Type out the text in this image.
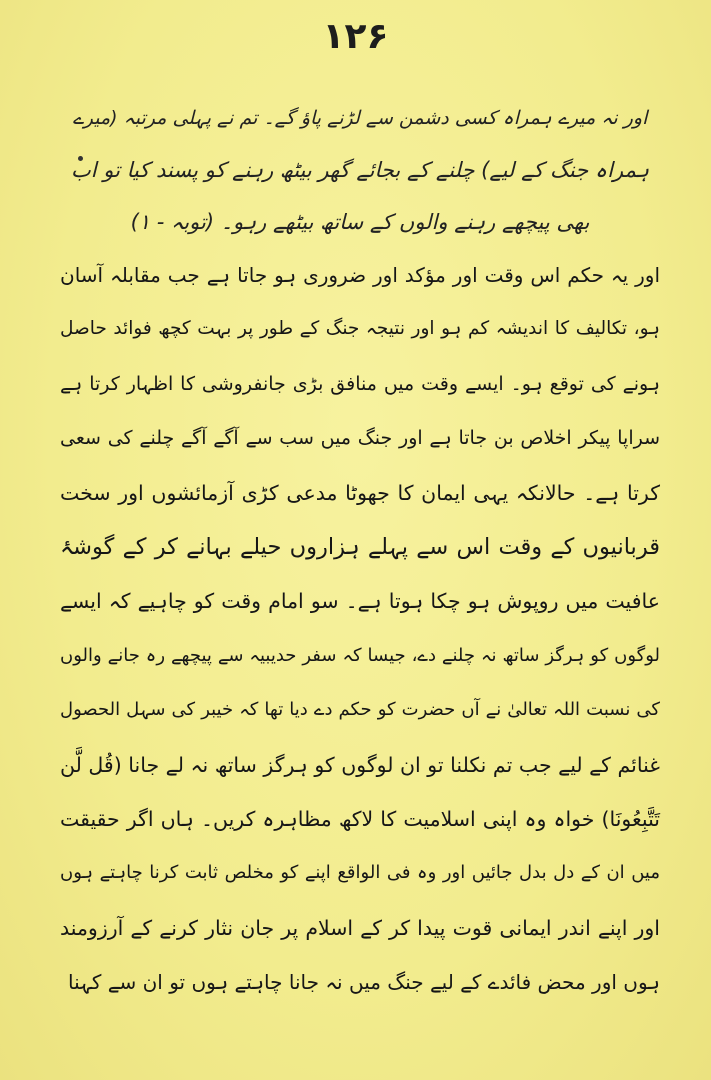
۱۲۶
اور نہ میرے ہمراہ کسی دشمن سے لڑنے پاؤ گے۔ تم نے پہلی مرتبہ (میرے
ہمراہ جنگ کے لیے) چلنے کے بجائے گھر بیٹھ رہنے کو پسند کیا تو اب
بھی پیچھے رہنے والوں کے ساتھ بیٹھے رہو۔ (توبہ - ۱)
اور یہ حکم اس وقت اور مؤکد اور ضروری ہو جاتا ہے جب مقابلہ آسان
ہو، تکالیف کا اندیشہ کم ہو اور نتیجہ جنگ کے طور پر بہت کچھ فوائد حاصل
ہونے کی توقع ہو۔ ایسے وقت میں منافق بڑی جانفروشی کا اظہار کرتا ہے
سراپا پیکر اخلاص بن جاتا ہے اور جنگ میں سب سے آگے آگے چلنے کی سعی
کرتا ہے۔ حالانکہ یہی ایمان کا جھوٹا مدعی کڑی آزمائشوں اور سخت
قربانیوں کے وقت اس سے پہلے ہزاروں حیلے بہانے کر کے گوشۂ
عافیت میں روپوش ہو چکا ہوتا ہے۔ سو امام وقت کو چاہیے کہ ایسے
لوگوں کو ہرگز ساتھ نہ چلنے دے، جیسا کہ سفر حدیبیہ سے پیچھے رہ جانے والوں
کی نسبت اللہ تعالیٰ نے آں حضرت کو حکم دے دیا تھا کہ خیبر کی سہل الحصول
غنائم کے لیے جب تم نکلنا تو ان لوگوں کو ہرگز ساتھ نہ لے جانا (قُل لَّن
تَتَّبِعُونَا) خواہ وہ اپنی اسلامیت کا لاکھ مظاہرہ کریں۔ ہاں اگر حقیقت
میں ان کے دل بدل جائیں اور وہ فی الواقع اپنے کو مخلص ثابت کرنا چاہتے ہوں
اور اپنے اندر ایمانی قوت پیدا کر کے اسلام پر جان نثار کرنے کے آرزومند
ہوں اور محض فائدے کے لیے جنگ میں نہ جانا چاہتے ہوں تو ان سے کہنا
